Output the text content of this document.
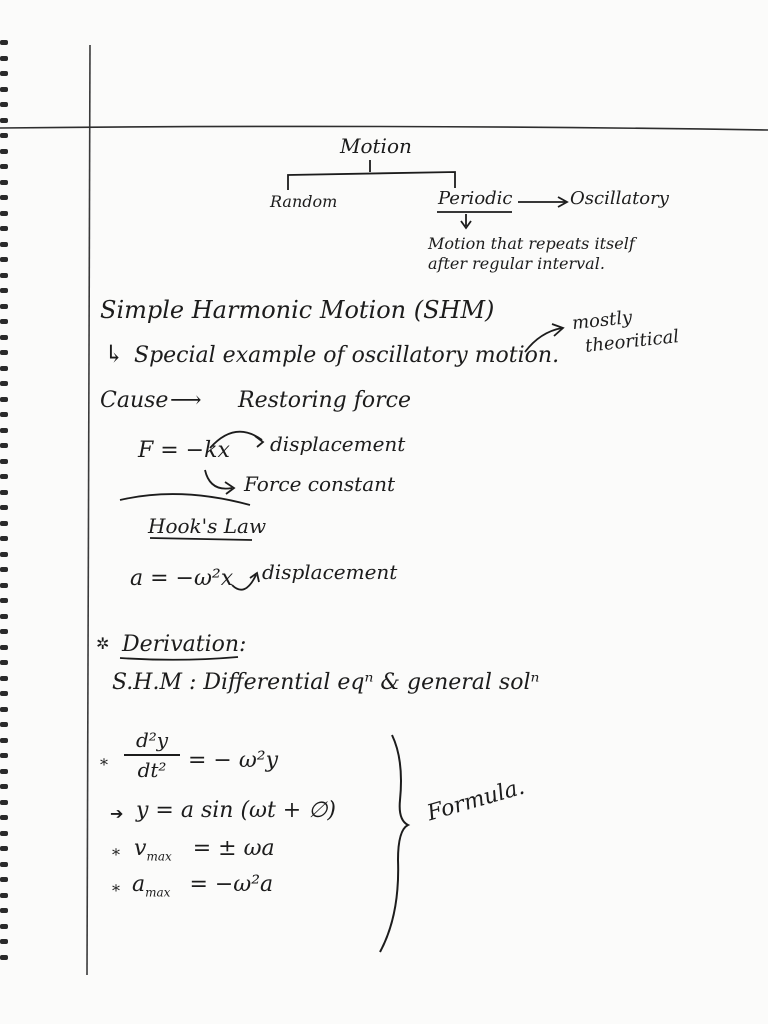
Motion
Random	Periodic	Oscillatory
Motion that repeats itself
after regular interval.
Simple Harmonic Motion (SHM)
↳ Special example of oscillatory motion.
mostly
theoritical
Cause ⟶ Restoring force
F = −kx displacement
Force constant
Hook's Law
a = −ω²x displacement
✲ Derivation:
S.H.M : Differential eqⁿ & general solⁿ
⁎
d²y
dt² = − ω²y
➔ y = a sin (ωt + ∅)
⁎ $v_{max}$ = ± ωa
⁎ $a_{max} = -\omega^2a$
Formula.
